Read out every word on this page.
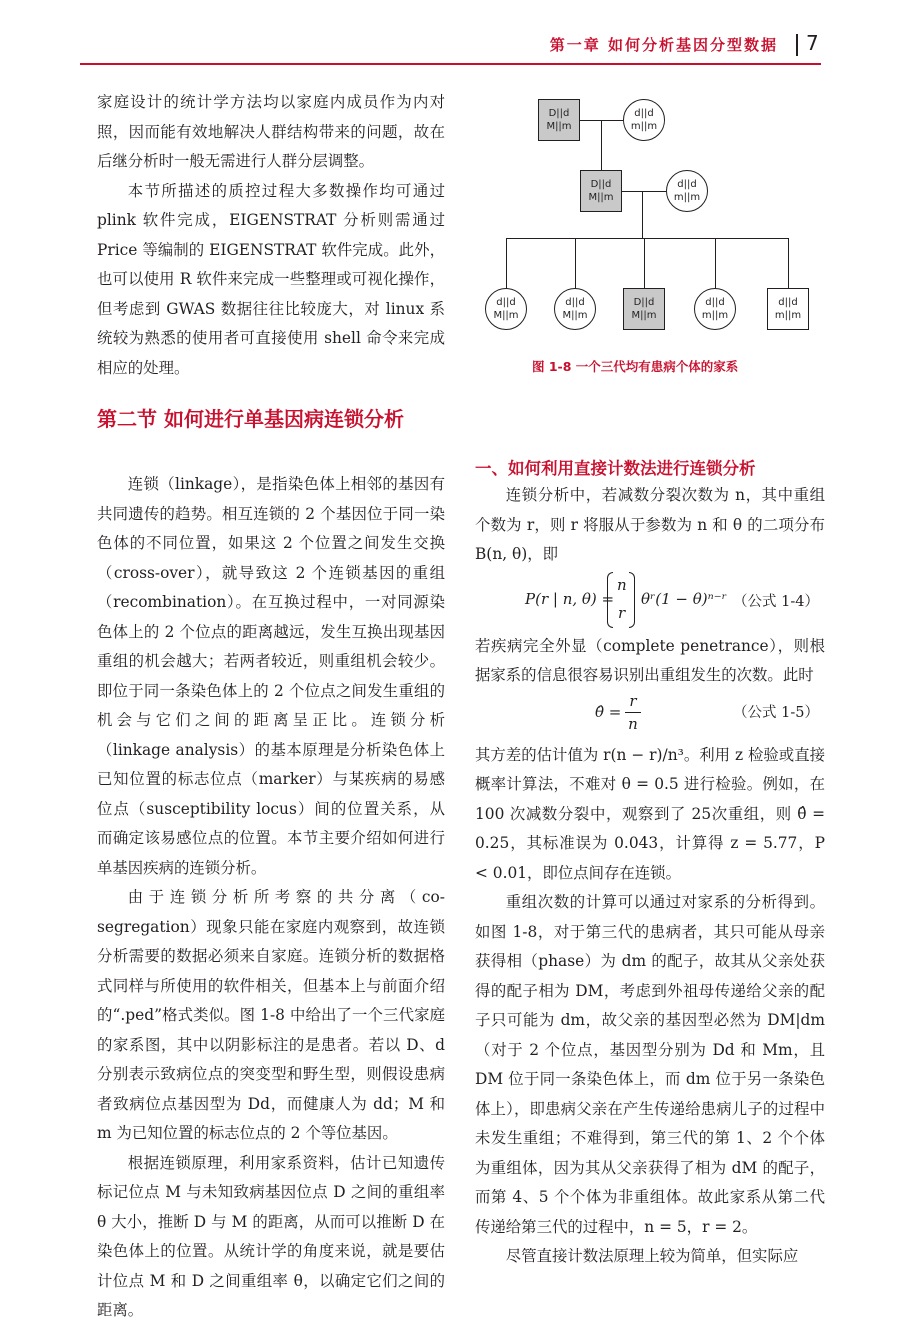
第一章 如何分析基因分型数据 7

家庭设计的统计学方法均以家庭内成员作为内对照，因而能有效地解决人群结构带来的问题，故在后继分析时一般无需进行人群分层调整。

本节所描述的质控过程大多数操作均可通过 plink 软件完成，EIGENSTRAT 分析则需通过 Price 等编制的 EIGENSTRAT 软件完成。此外，也可以使用 R 软件来完成一些整理或可视化操作，但考虑到 GWAS 数据往往比较庞大，对 linux 系统较为熟悉的使用者可直接使用 shell 命令来完成相应的处理。

第二节 如何进行单基因病连锁分析

连锁（linkage），是指染色体上相邻的基因有共同遗传的趋势。相互连锁的 2 个基因位于同一染色体的不同位置，如果这 2 个位置之间发生交换（cross-over），就导致这 2 个连锁基因的重组（recombination）。在互换过程中，一对同源染色体上的 2 个位点的距离越远，发生互换出现基因重组的机会越大；若两者较近，则重组机会较少。即位于同一条染色体上的 2 个位点之间发生重组的机会与它们之间的距离呈正比。连锁分析（linkage analysis）的基本原理是分析染色体上已知位置的标志位点（marker）与某疾病的易感位点（susceptibility locus）间的位置关系，从而确定该易感位点的位置。本节主要介绍如何进行单基因疾病的连锁分析。

由于连锁分析所考察的共分离（co-segregation）现象只能在家庭内观察到，故连锁分析需要的数据必须来自家庭。连锁分析的数据格式同样与所使用的软件相关，但基本上与前面介绍的“.ped”格式类似。图 1-8 中给出了一个三代家庭的家系图，其中以阴影标注的是患者。若以 D、d 分别表示致病位点的突变型和野生型，则假设患病者致病位点基因型为 Dd，而健康人为 dd；M 和 m 为已知位置的标志位点的 2 个等位基因。

根据连锁原理，利用家系资料，估计已知遗传标记位点 M 与未知致病基因位点 D 之间的重组率 θ 大小，推断 D 与 M 的距离，从而可以推断 D 在染色体上的位置。从统计学的角度来说，就是要估计位点 M 和 D 之间重组率 θ，以确定它们之间的距离。

D||d
M||m
d||d
m||m
D||d
M||m
d||d
m||m
d||d
M||m
d||d
M||m
D||d
M||m
d||d
m||m
d||d
m||m
图 1-8 一个三代均有患病个体的家系
一、如何利用直接计数法进行连锁分析

连锁分析中，若减数分裂次数为 n，其中重组个数为 r，则 r 将服从于参数为 n 和 θ 的二项分布 B(n, θ)，即

P(r | n, θ) =
n
r
θʳ(1 − θ)ⁿ⁻ʳ （公式 1-4）

若疾病完全外显（complete penetrance），则根据家系的信息很容易识别出重组发生的次数。此时

θ̂ =
r
n
（公式 1-5）

其方差的估计值为 r(n − r)/n³。利用 z 检验或直接概率计算法，不难对 θ = 0.5 进行检验。例如，在 100 次减数分裂中，观察到了 25次重组，则 θ̂ = 0.25，其标准误为 0.043，计算得 z = 5.77，P < 0.01，即位点间存在连锁。

重组次数的计算可以通过对家系的分析得到。如图 1-8，对于第三代的患病者，其只可能从母亲获得相（phase）为 dm 的配子，故其从父亲处获得的配子相为 DM，考虑到外祖母传递给父亲的配子只可能为 dm，故父亲的基因型必然为 DM|dm（对于 2 个位点，基因型分别为 Dd 和 Mm，且 DM 位于同一条染色体上，而 dm 位于另一条染色体上），即患病父亲在产生传递给患病儿子的过程中未发生重组；不难得到，第三代的第 1、2 个个体为重组体，因为其从父亲获得了相为 dM 的配子，而第 4、5 个个体为非重组体。故此家系从第二代传递给第三代的过程中，n = 5，r = 2。

尽管直接计数法原理上较为简单，但实际应
